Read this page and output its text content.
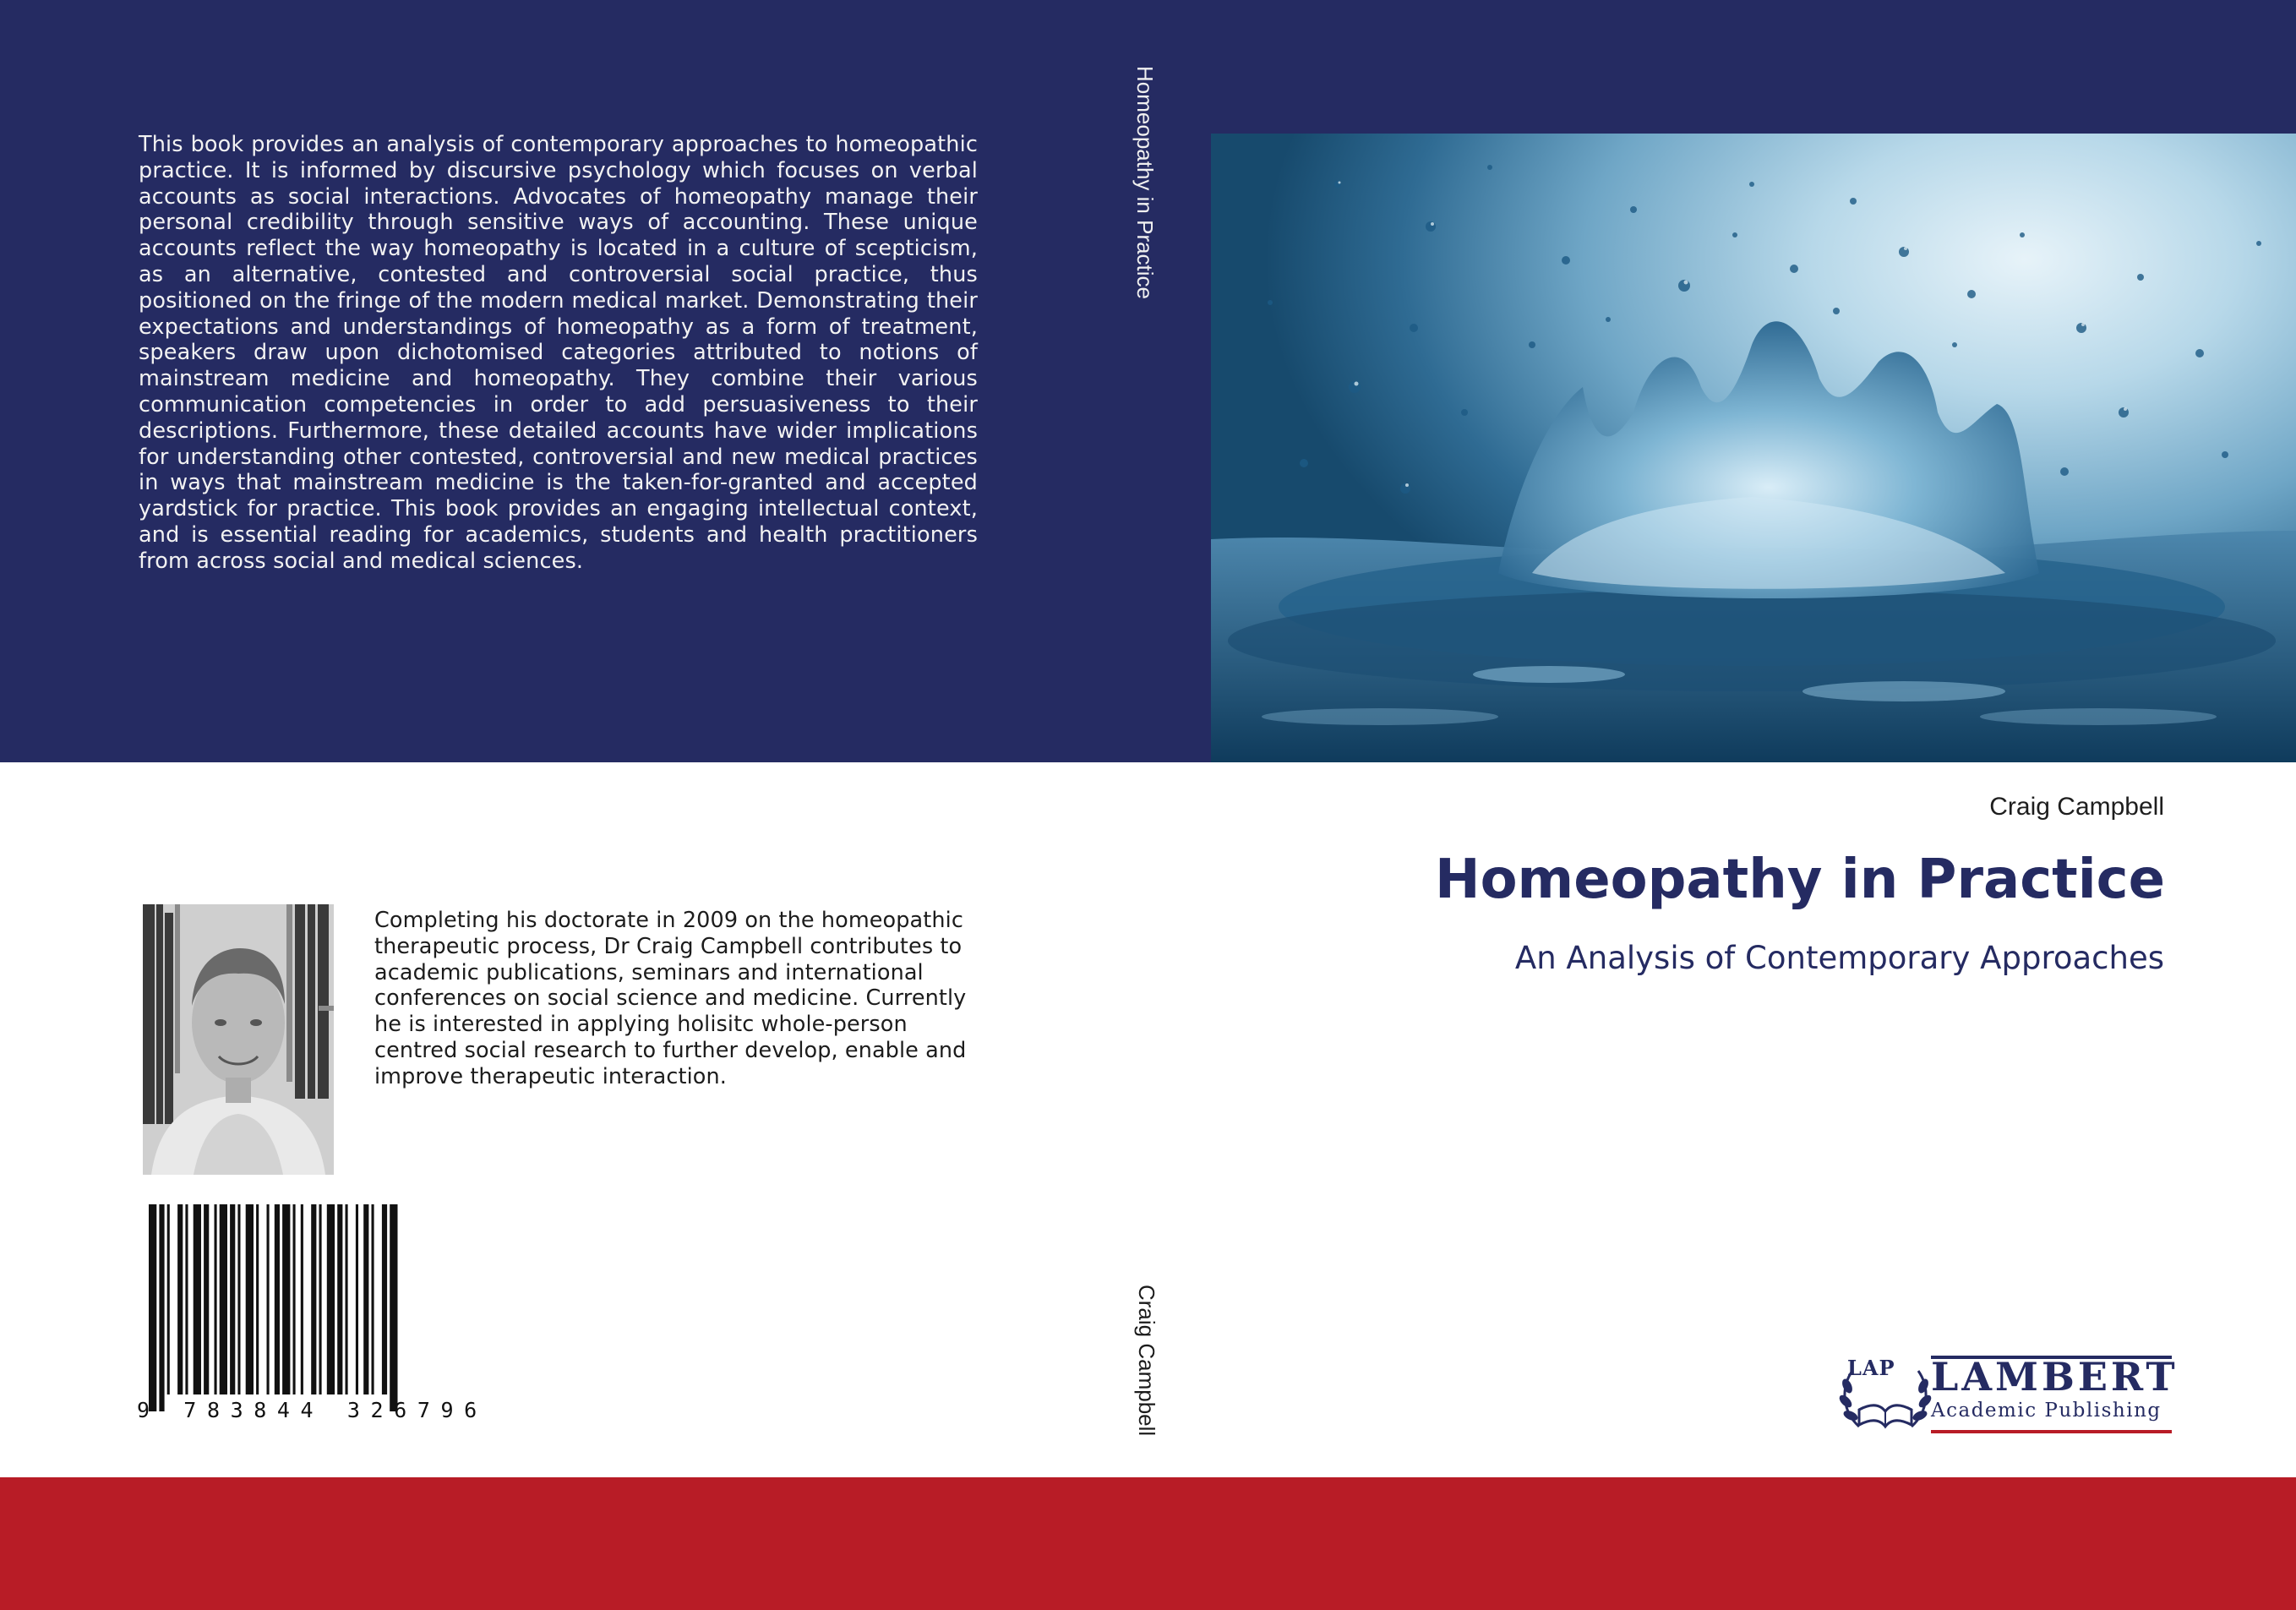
This book provides an analysis of contemporary approaches to homeopathic practice. It is informed by discursive psychology which focuses on verbal accounts as social interactions. Advocates of homeopathy manage their personal credibility through sensitive ways of accounting. These unique accounts reflect the way homeopathy is located in a culture of scepticism, as an alternative, contested and controversial social practice, thus positioned on the fringe of the modern medical market. Demonstrating their expectations and understandings of homeopathy as a form of treatment, speakers draw upon dichotomised categories attributed to notions of mainstream medicine and homeopathy. They combine their various communication competencies in order to add persuasiveness to their descriptions. Furthermore, these detailed accounts have wider implications for understanding other contested, controversial and new medical practices in ways that mainstream medicine is the taken-for-granted and accepted yardstick for practice. This book provides an engaging intellectual context, and is essential reading for academics, students and health practitioners from across social and medical sciences.
Homeopathy in Practice
Craig Campbell
Completing his doctorate in 2009 on the homeopathic therapeutic process, Dr Craig Campbell contributes to academic publications, seminars and international conferences on social science and medicine. Currently he is interested in applying holisitc whole-person centred social research to further develop, enable and improve therapeutic interaction.
9 783844 326796
Craig Campbell
Homeopathy in Practice
An Analysis of Contemporary Approaches
LAP LAMBERT
Academic Publishing
